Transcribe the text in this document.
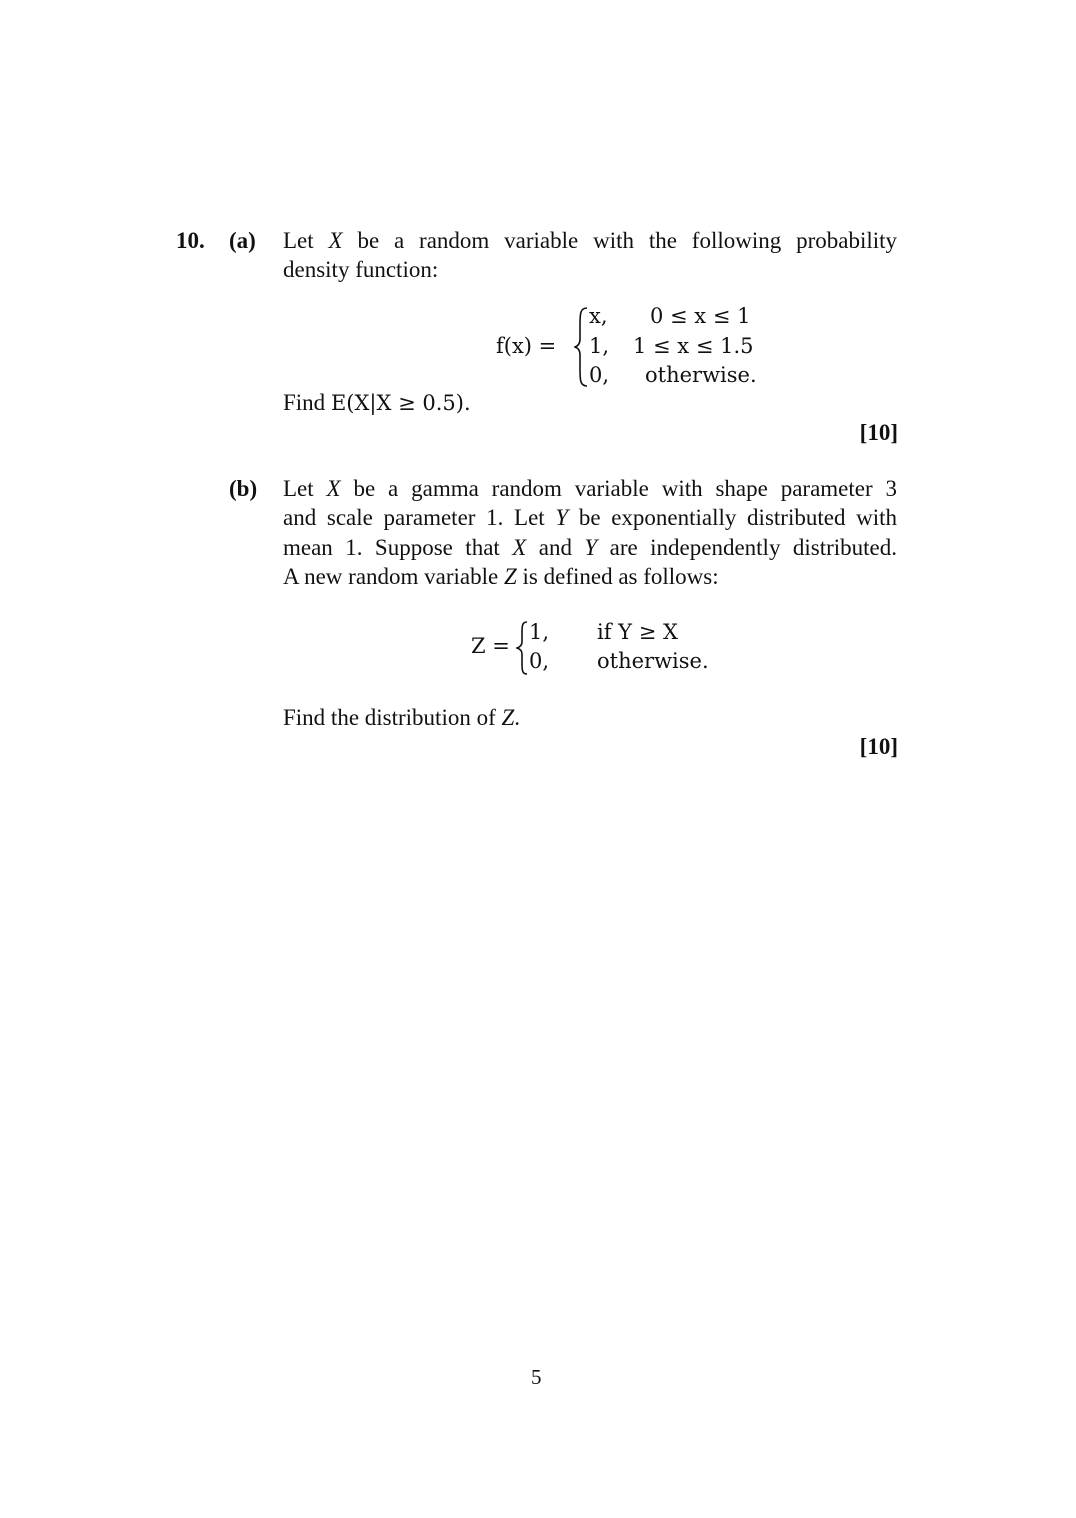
10. (a) Let X be a random variable with the following probability
density function:
f(x) =
x, 0 ≤ x ≤ 1
1, 1 ≤ x ≤ 1.5
0, otherwise.
Find E(X|X ≥ 0.5).
[10]
(b) Let X be a gamma random variable with shape parameter 3
and scale parameter 1. Let Y be exponentially distributed with
mean 1. Suppose that X and Y are independently distributed.
A new random variable Z is defined as follows:
Z =
1, if Y ≥ X
0, otherwise.
Find the distribution of Z.
[10]
5
